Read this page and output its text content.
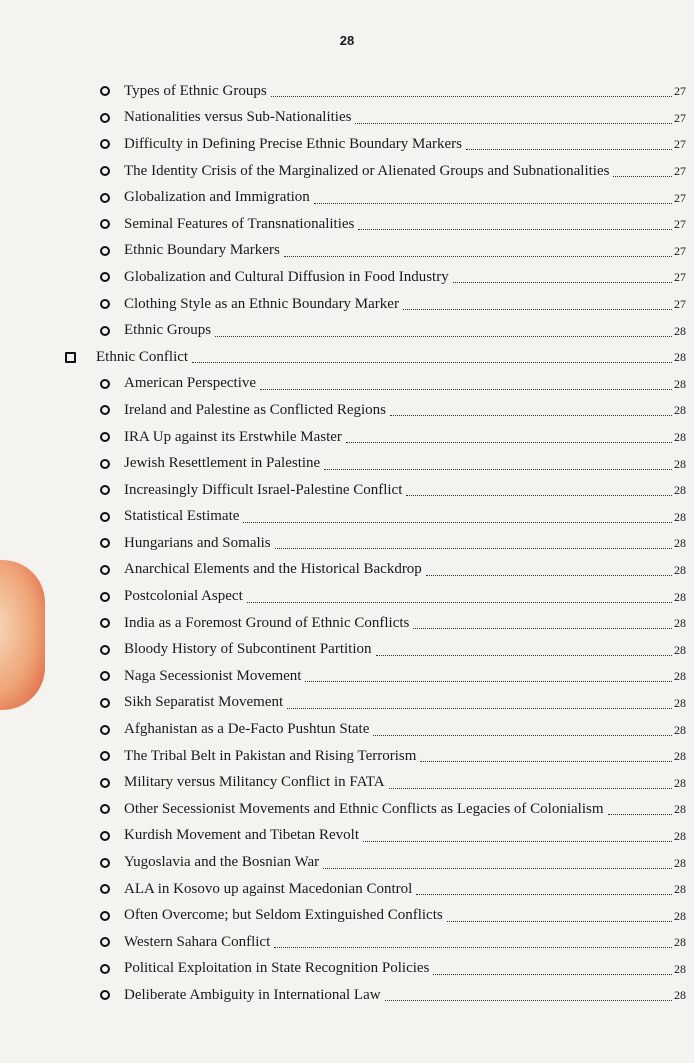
28
Types of Ethnic Groups	27
Nationalities versus Sub-Nationalities	27
Difficulty in Defining Precise Ethnic Boundary Markers	27
The Identity Crisis of the Marginalized or Alienated Groups and Subnationalities	27
Globalization and Immigration	27
Seminal Features of Transnationalities	27
Ethnic Boundary Markers	27
Globalization and Cultural Diffusion in Food Industry	27
Clothing Style as an Ethnic Boundary Marker	27
Ethnic Groups	28
Ethnic Conflict	28
American Perspective	28
Ireland and Palestine as Conflicted Regions	28
IRA Up against its Erstwhile Master	28
Jewish Resettlement in Palestine	28
Increasingly Difficult Israel-Palestine Conflict	28
Statistical Estimate	28
Hungarians and Somalis	28
Anarchical Elements and the Historical Backdrop	28
Postcolonial Aspect	28
India as a Foremost Ground of Ethnic Conflicts	28
Bloody History of Subcontinent Partition	28
Naga Secessionist Movement	28
Sikh Separatist Movement	28
Afghanistan as a De-Facto Pushtun State	28
The Tribal Belt in Pakistan and Rising Terrorism	28
Military versus Militancy Conflict in FATA	28
Other Secessionist Movements and Ethnic Conflicts as Legacies of Colonialism	28
Kurdish Movement and Tibetan Revolt	28
Yugoslavia and the Bosnian War	28
ALA in Kosovo up against Macedonian Control	28
Often Overcome; but Seldom Extinguished Conflicts	28
Western Sahara Conflict	28
Political Exploitation in State Recognition Policies	28
Deliberate Ambiguity in International Law	28
